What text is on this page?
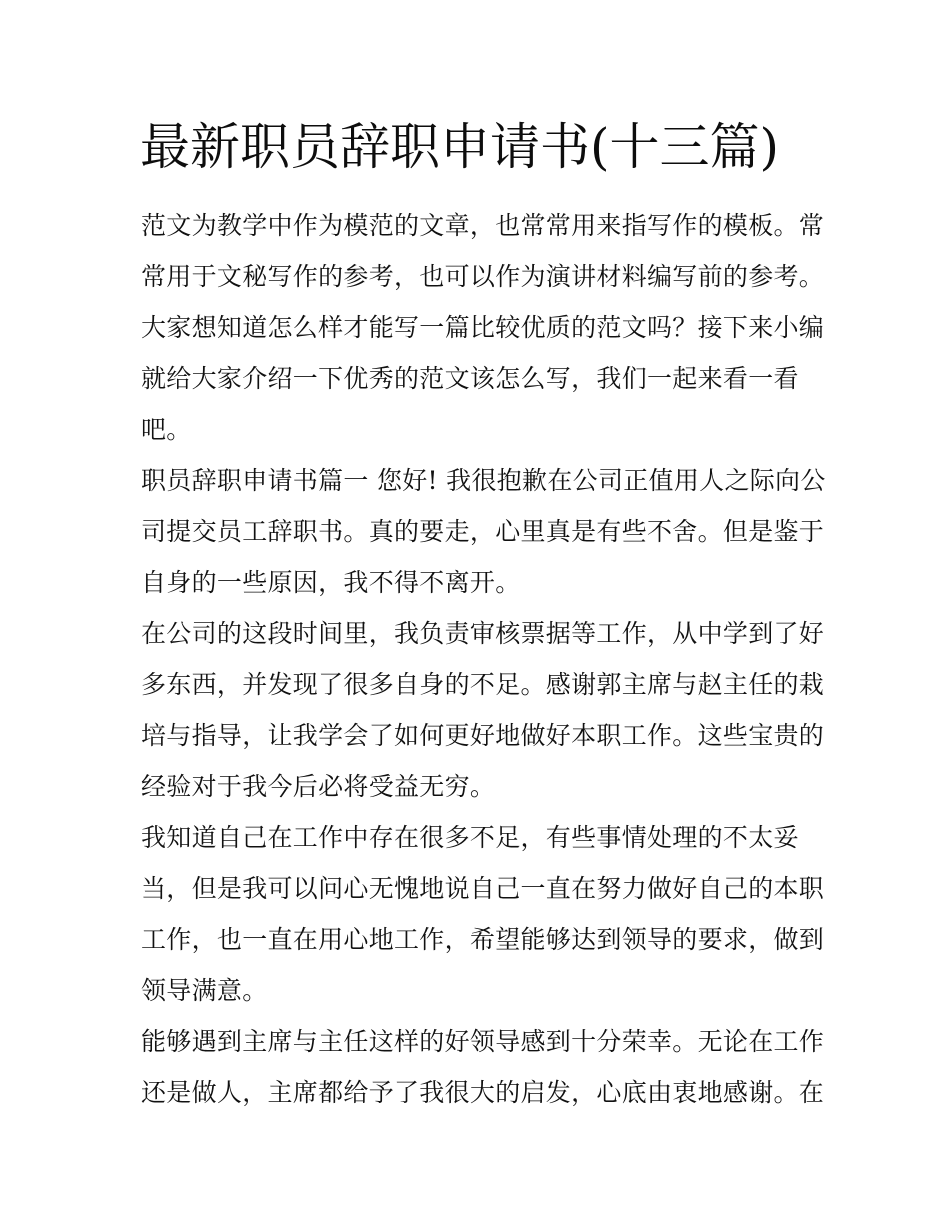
最新职员辞职申请书(十三篇)
范文为教学中作为模范的文章，也常常用来指写作的模板。常
常用于文秘写作的参考，也可以作为演讲材料编写前的参考。
大家想知道怎么样才能写一篇比较优质的范文吗？接下来小编
就给大家介绍一下优秀的范文该怎么写，我们一起来看一看
吧。
职员辞职申请书篇一 您好! 我很抱歉在公司正值用人之际向公
司提交员工辞职书。真的要走，心里真是有些不舍。但是鉴于
自身的一些原因，我不得不离开。
在公司的这段时间里，我负责审核票据等工作，从中学到了好
多东西，并发现了很多自身的不足。感谢郭主席与赵主任的栽
培与指导，让我学会了如何更好地做好本职工作。这些宝贵的
经验对于我今后必将受益无穷。
我知道自己在工作中存在很多不足，有些事情处理的不太妥
当，但是我可以问心无愧地说自己一直在努力做好自己的本职
工作，也一直在用心地工作，希望能够达到领导的要求，做到
领导满意。
能够遇到主席与主任这样的好领导感到十分荣幸。无论在工作
还是做人，主席都给予了我很大的启发，心底由衷地感谢。在
